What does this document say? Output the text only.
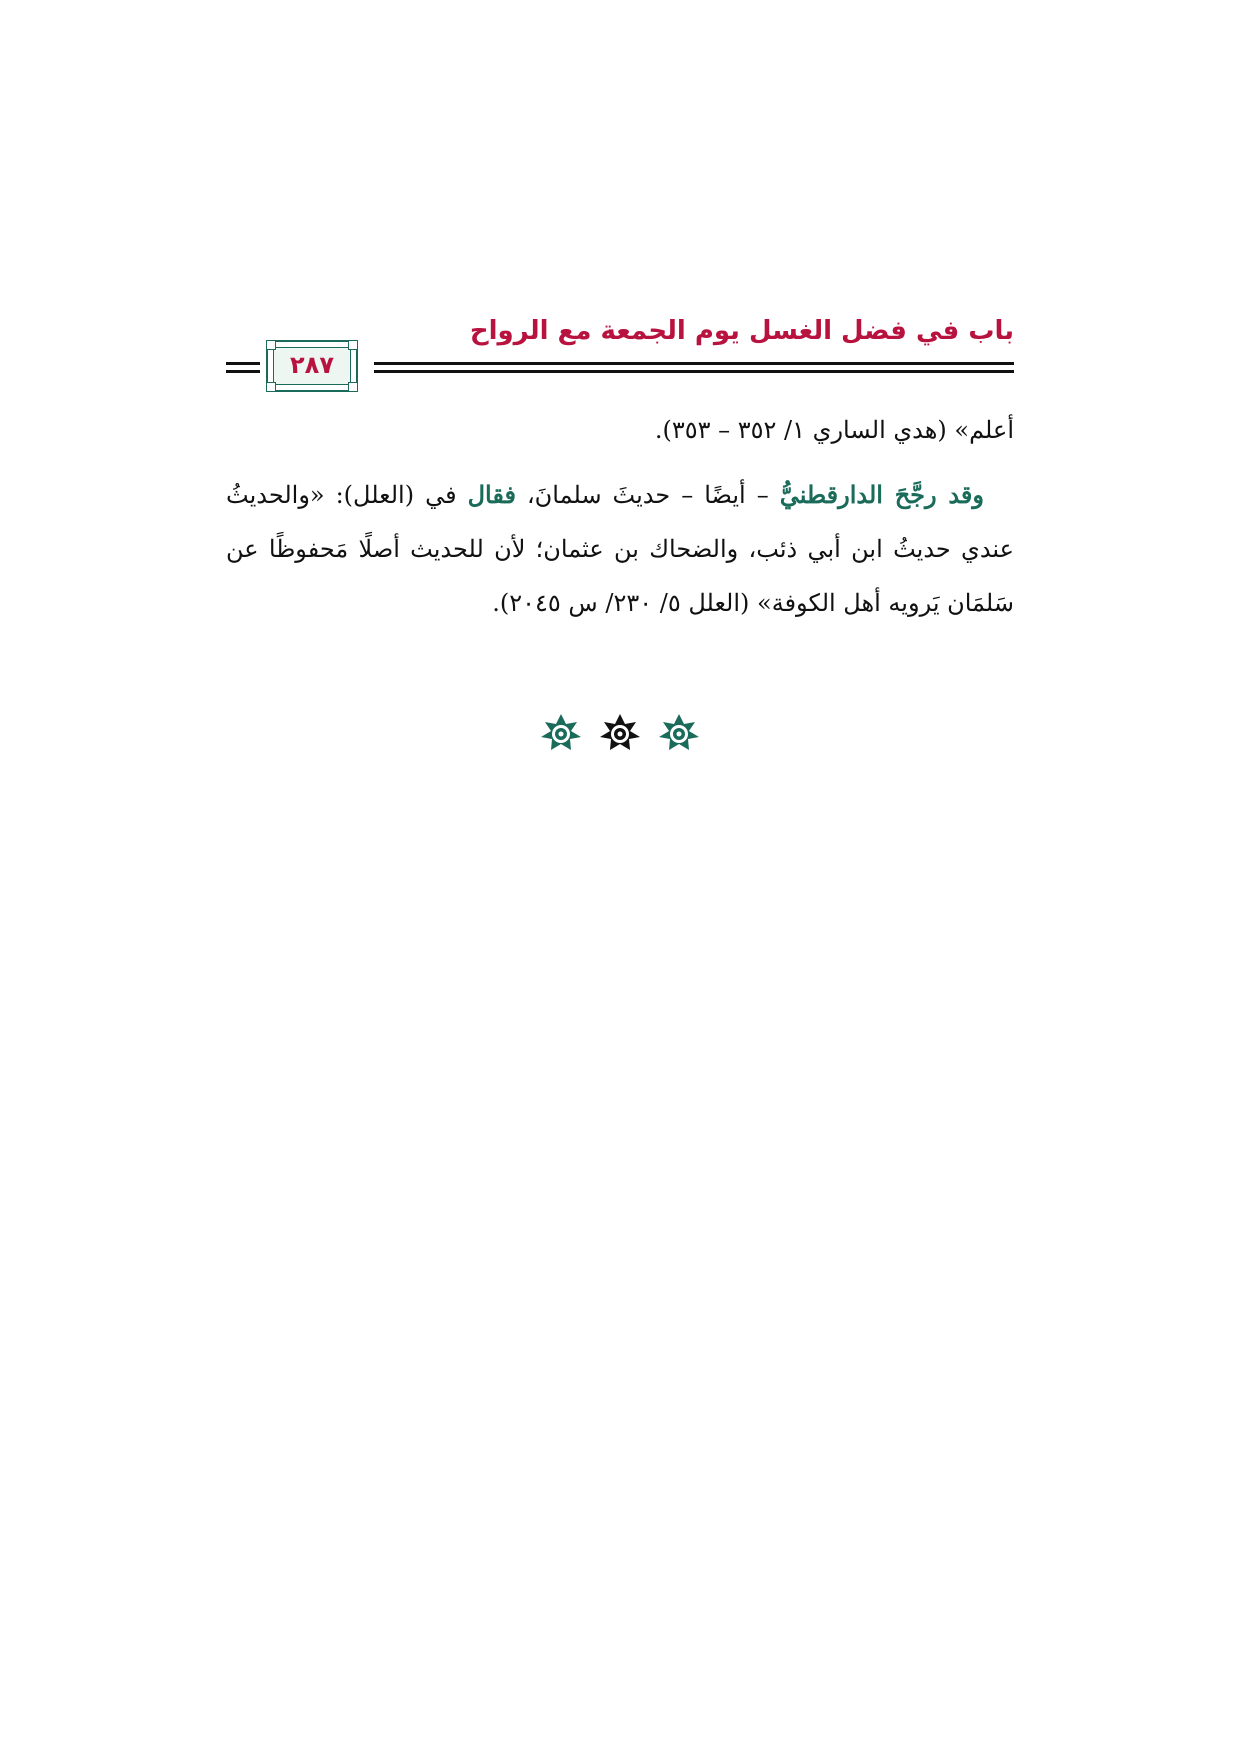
باب في فضل الغسل يوم الجمعة مع الرواح
٢٨٧
أعلم» (هدي الساري ١/ ٣٥٢ – ٣٥٣).
وقد رجَّحَ الدارقطنيُّ – أيضًا – حديثَ سلمانَ، فقال في (العلل): «والحديثُ عندي حديثُ ابن أبي ذئب، والضحاك بن عثمان؛ لأن للحديث أصلًا مَحفوظًا عن سَلمَان يَرويه أهل الكوفة» (العلل ٥/ ٢٣٠/ س ٢٠٤٥).
